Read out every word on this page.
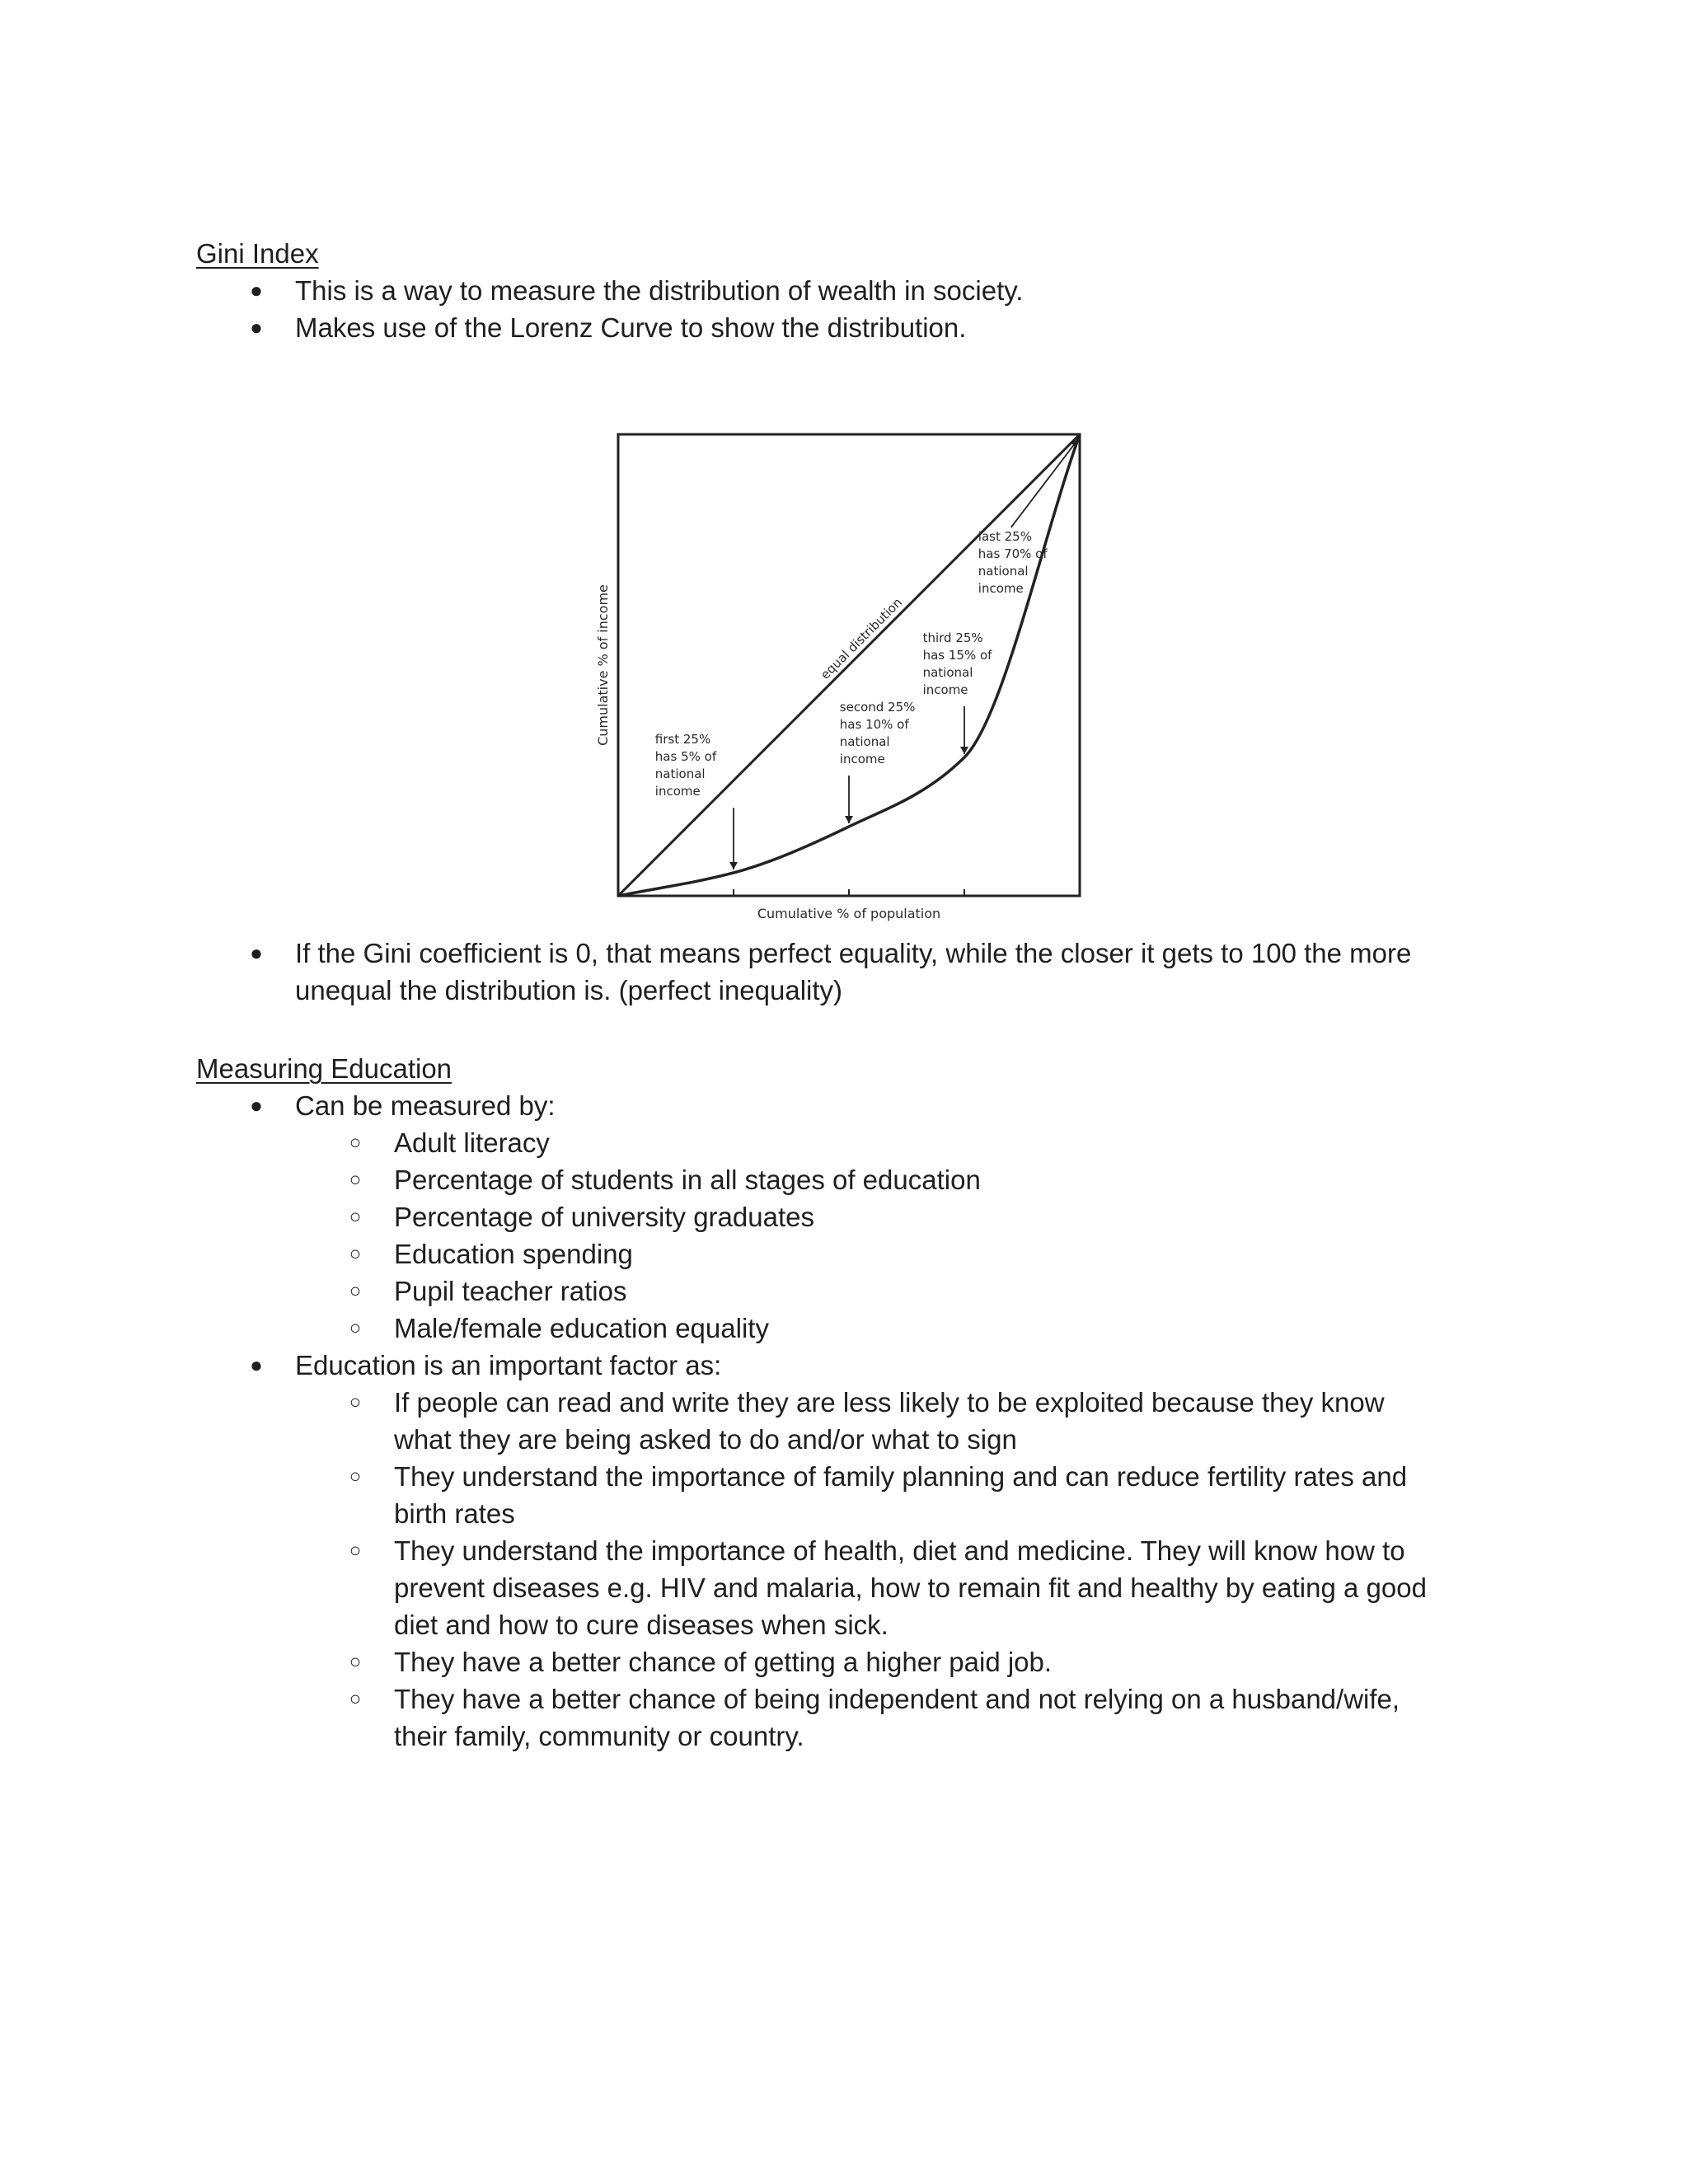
Gini Index
● This is a way to measure the distribution of wealth in society.
● Makes use of the Lorenz Curve to show the distribution.
equal distribution
Cumulative % of population
Cumulative % of income	first 25%
has 5% of
national
income
second 25%
has 10% of
national
income
third 25%
has 15% of
national
income
last 25%
has 70% of
national
income
● If the Gini coefficient is 0, that means perfect equality, while the closer it gets to 100 the more
unequal the distribution is. (perfect inequality)
Measuring Education
● Can be measured by:
○ Adult literacy
○ Percentage of students in all stages of education
○ Percentage of university graduates
○ Education spending
○ Pupil teacher ratios
○ Male/female education equality
● Education is an important factor as:
○ If people can read and write they are less likely to be exploited because they know
what they are being asked to do and/or what to sign
○ They understand the importance of family planning and can reduce fertility rates and
birth rates
○ They understand the importance of health, diet and medicine. They will know how to
prevent diseases e.g. HIV and malaria, how to remain fit and healthy by eating a good
diet and how to cure diseases when sick.
○ They have a better chance of getting a higher paid job.
○ They have a better chance of being independent and not relying on a husband/wife,
their family, community or country.
